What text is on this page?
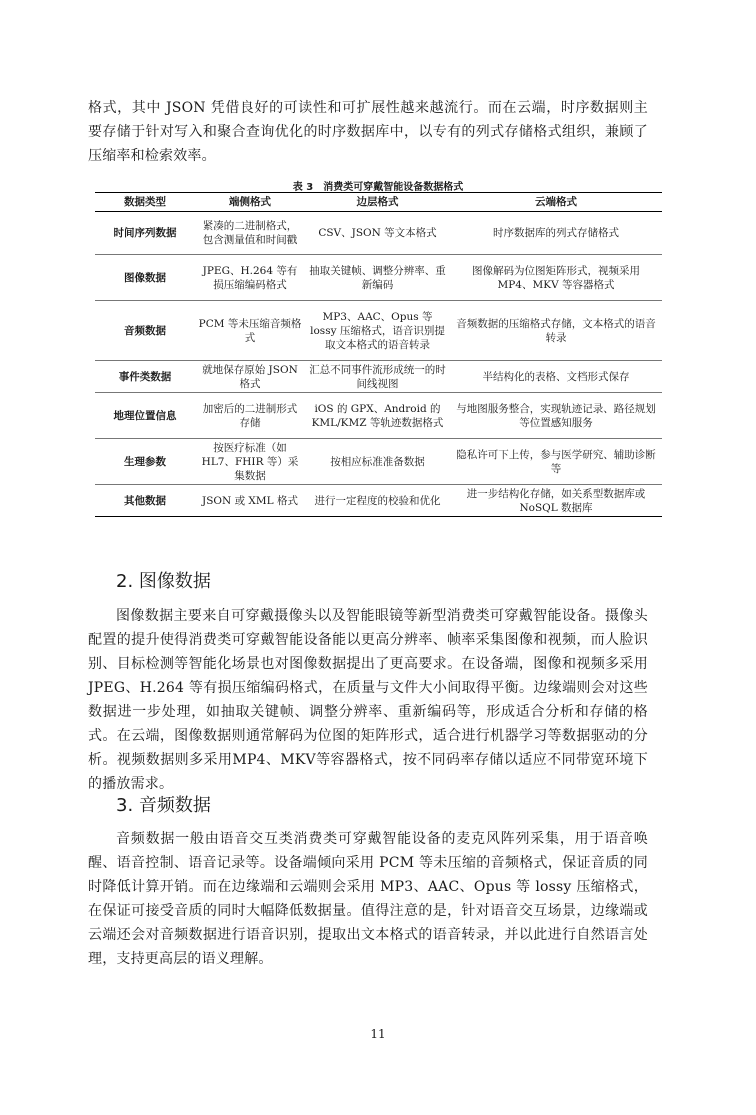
格式，其中 JSON 凭借良好的可读性和可扩展性越来越流行。而在云端，时序数据则主要存储于针对写入和聚合查询优化的时序数据库中，以专有的列式存储格式组织，兼顾了压缩率和检索效率。

表 3　消费类可穿戴智能设备数据格式

数据类型	端侧格式	边层格式	云端格式
时间序列数据	紧凑的二进制格式，包含测量值和时间戳	CSV、JSON 等文本格式	时序数据库的列式存储格式
图像数据	JPEG、H.264 等有损压缩编码格式	抽取关键帧、调整分辨率、重新编码	图像解码为位图矩阵形式，视频采用 MP4、MKV 等容器格式
音频数据	PCM 等未压缩音频格式	MP3、AAC、Opus 等 lossy 压缩格式，语音识别提取文本格式的语音转录	音频数据的压缩格式存储，文本格式的语音转录
事件类数据	就地保存原始 JSON 格式	汇总不同事件流形成统一的时间线视图	半结构化的表格、文档形式保存
地理位置信息	加密后的二进制形式存储	iOS 的 GPX、Android 的 KML/KMZ 等轨迹数据格式	与地图服务整合，实现轨迹记录、路径规划等位置感知服务
生理参数	按医疗标准（如 HL7、FHIR 等）采集数据	按相应标准准备数据	隐私许可下上传，参与医学研究、辅助诊断等
其他数据	JSON 或 XML 格式	进行一定程度的校验和优化	进一步结构化存储，如关系型数据库或 NoSQL 数据库
2. 图像数据

图像数据主要来自可穿戴摄像头以及智能眼镜等新型消费类可穿戴智能设备。摄像头配置的提升使得消费类可穿戴智能设备能以更高分辨率、帧率采集图像和视频，而人脸识别、目标检测等智能化场景也对图像数据提出了更高要求。在设备端，图像和视频多采用 JPEG、H.264 等有损压缩编码格式，在质量与文件大小间取得平衡。边缘端则会对这些数据进一步处理，如抽取关键帧、调整分辨率、重新编码等，形成适合分析和存储的格式。在云端，图像数据则通常解码为位图的矩阵形式，适合进行机器学习等数据驱动的分析。视频数据则多采用MP4、MKV等容器格式，按不同码率存储以适应不同带宽环境下的播放需求。

3. 音频数据

音频数据一般由语音交互类消费类可穿戴智能设备的麦克风阵列采集，用于语音唤醒、语音控制、语音记录等。设备端倾向采用 PCM 等未压缩的音频格式，保证音质的同时降低计算开销。而在边缘端和云端则会采用 MP3、AAC、Opus 等 lossy 压缩格式，在保证可接受音质的同时大幅降低数据量。值得注意的是，针对语音交互场景，边缘端或云端还会对音频数据进行语音识别，提取出文本格式的语音转录，并以此进行自然语言处理，支持更高层的语义理解。

11
